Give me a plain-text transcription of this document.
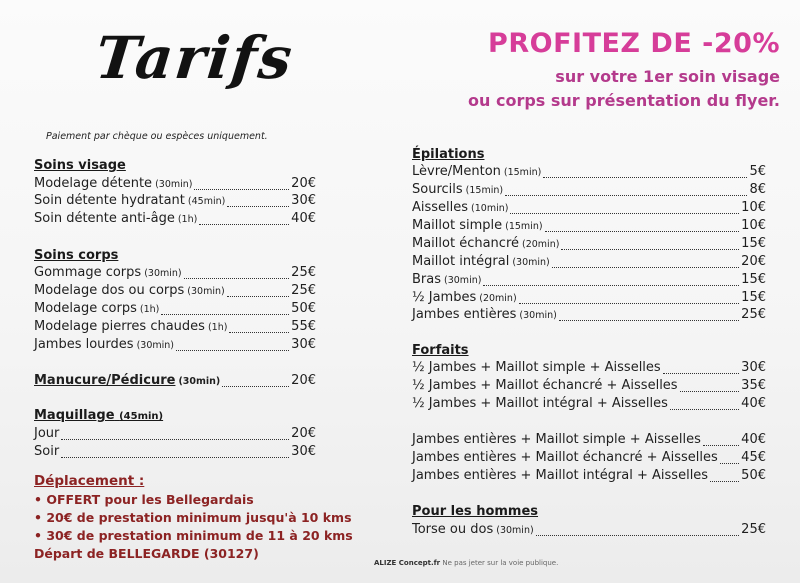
Tarifs
Paiement par chèque ou espèces uniquement.
PROFITEZ DE -20%
sur votre 1er soin visage
ou corps sur présentation du flyer.
Soins visage
Modelage détente (30min)	20€
Soin détente hydratant (45min)	30€
Soin détente anti-âge (1h)	40€
Soins corps
Gommage corps (30min)	25€
Modelage dos ou corps (30min)	25€
Modelage corps (1h)	50€
Modelage pierres chaudes (1h)	55€
Jambes lourdes (30min)	30€
Manucure/Pédicure (30min)	20€
Maquillage (45min)
Jour	20€
Soir	30€
Déplacement :
• OFFERT pour les Bellegardais
• 20€ de prestation minimum jusqu'à 10 kms
• 30€ de prestation minimum de 11 à 20 kms
Départ de BELLEGARDE (30127)
Épilations
Lèvre/Menton (15min)	5€
Sourcils (15min)	8€
Aisselles (10min)	10€
Maillot simple (15min)	10€
Maillot échancré (20min)	15€
Maillot intégral (30min)	20€
Bras (30min)	15€
½ Jambes (20min)	15€
Jambes entières (30min)	25€
Forfaits
½ Jambes + Maillot simple + Aisselles	30€
½ Jambes + Maillot échancré + Aisselles	35€
½ Jambes + Maillot intégral + Aisselles	40€
Jambes entières + Maillot simple + Aisselles	40€
Jambes entières + Maillot échancré + Aisselles 45€
Jambes entières + Maillot intégral + Aisselles	50€
Pour les hommes
Torse ou dos (30min)	25€
ALIZE Concept.fr Ne pas jeter sur la voie publique.
